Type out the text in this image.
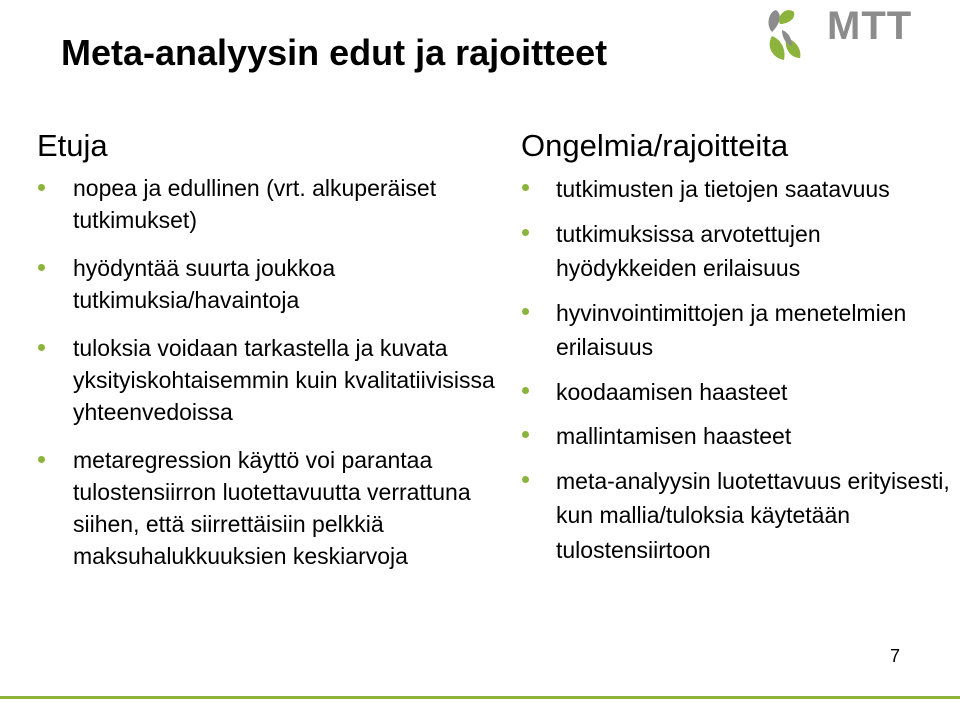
MTT
Meta-analyysin edut ja rajoitteet
Etuja
nopea ja edullinen (vrt. alkuperäiset tutkimukset)
hyödyntää suurta joukkoa tutkimuksia/havaintoja
tuloksia voidaan tarkastella ja kuvata yksityiskohtaisemmin kuin kvalitatiivisissa yhteenvedoissa
metaregression käyttö voi parantaa tulostensiirron luotettavuutta verrattuna siihen, että siirrettäisiin pelkkiä maksuhalukkuuksien keskiarvoja
Ongelmia/rajoitteita
tutkimusten ja tietojen saatavuus
tutkimuksissa arvotettujen hyödykkeiden erilaisuus
hyvinvointimittojen ja menetelmien erilaisuus
koodaamisen haasteet
mallintamisen haasteet
meta-analyysin luotettavuus erityisesti, kun mallia/tuloksia käytetään tulostensiirtoon
7
